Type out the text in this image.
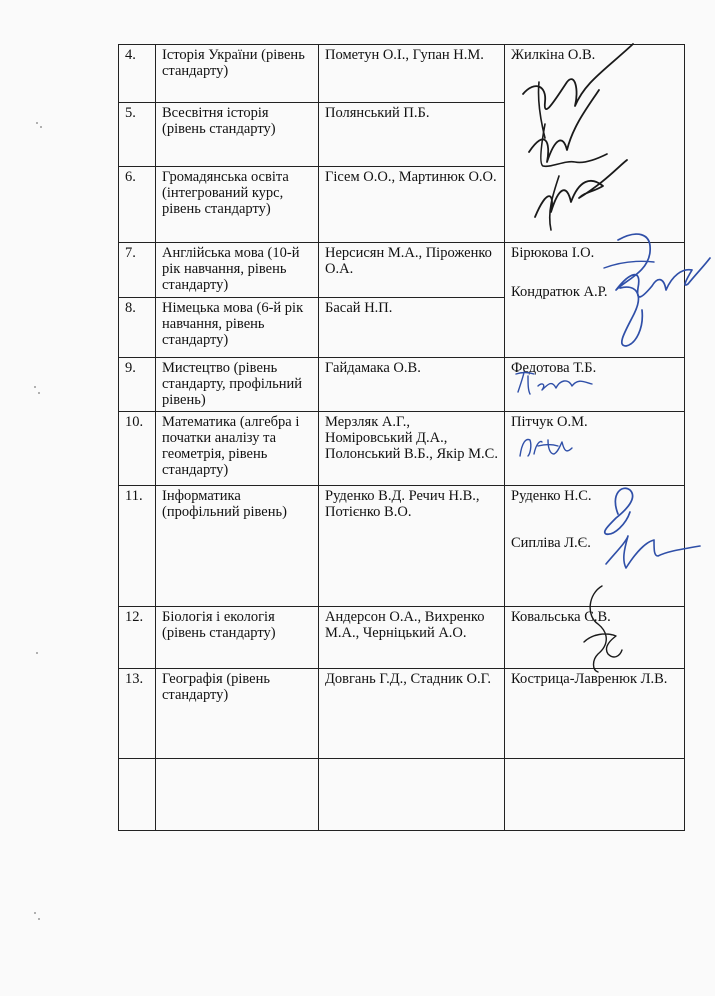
4.	Історія України (рівень стандарту)	Пометун О.І., Гупан Н.М.	Жилкіна О.В.
5.	Всесвітня історія (рівень стандарту)	Полянський П.Б.	
6.	Громадянська освіта (інтегрований курс, рівень стандарту)	Гісем О.О., Мартинюк О.О.	
7.	Англійська мова (10-й рік навчання, рівень стандарту)	Нерсисян М.А., Піроженко О.А.	Бірюкова І.О.
Кондратюк А.Р.

8.	Німецька мова (6-й рік навчання, рівень стандарту)	Басай Н.П.	
9.	Мистецтво (рівень стандарту, профільний рівень)	Гайдамака О.В.	Федотова Т.Б.
10.	Математика (алгебра і початки аналізу та геометрія, рівень стандарту)	Мерзляк А.Г., Номіровський Д.А., Полонський В.Б., Якір М.С.	Пітчук О.М.
11.	Інформатика (профільний рівень)	Руденко В.Д. Речич Н.В., Потієнко В.О.	Руденко Н.С.
Сипліва Л.Є.

12.	Біологія і екологія (рівень стандарту)	Андерсон О.А., Вихренко М.А., Черніцький А.О.	Ковальська С.В.
13.	Географія (рівень стандарту)	Довгань Г.Д., Стадник О.Г.	Кострица-Лавренюк Л.В.
